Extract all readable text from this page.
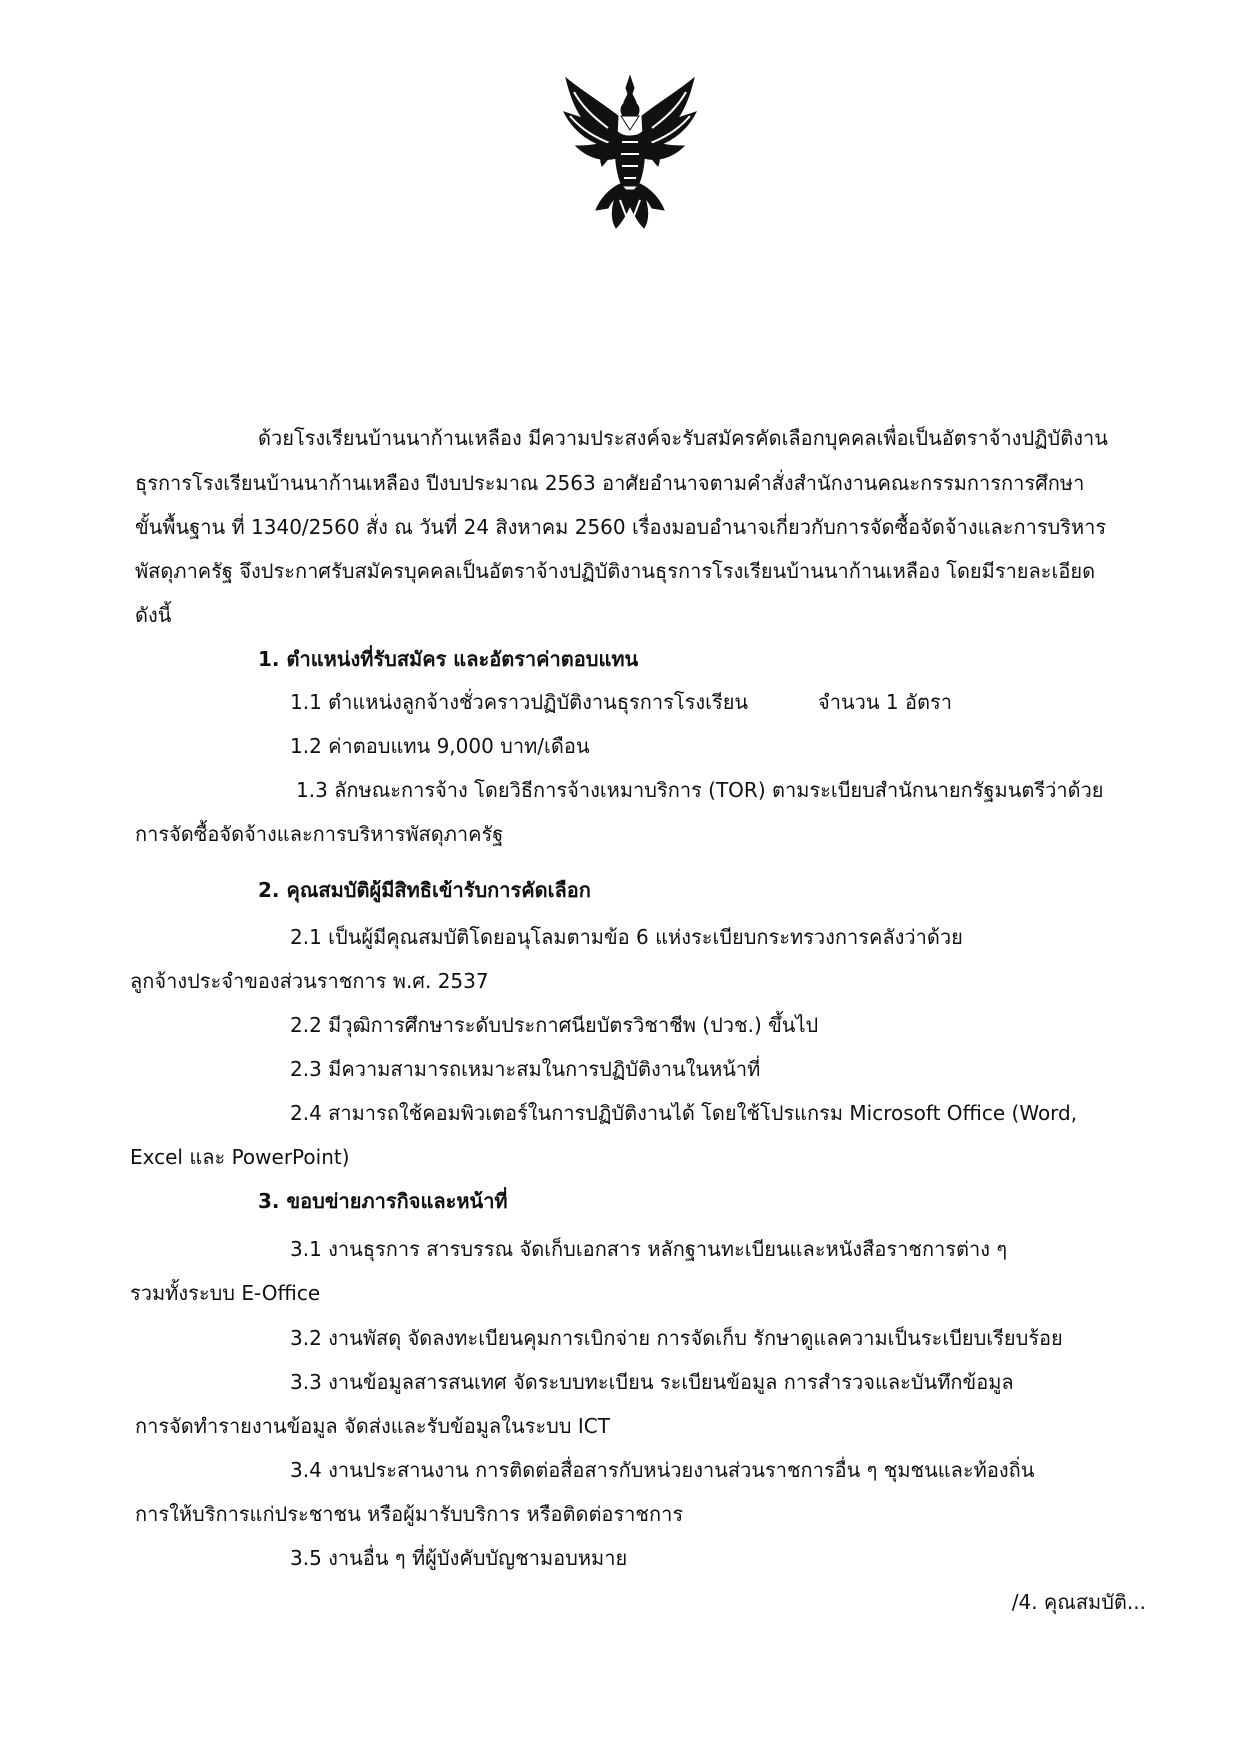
ด้วยโรงเรียนบ้านนาก้านเหลือง มีความประสงค์จะรับสมัครคัดเลือกบุคคลเพื่อเป็นอัตราจ้างปฏิบัติงาน
ธุรการโรงเรียนบ้านนาก้านเหลือง ปีงบประมาณ 2563 อาศัยอำนาจตามคำสั่งสำนักงานคณะกรรมการการศึกษา
ขั้นพื้นฐาน ที่ 1340/2560 สั่ง ณ วันที่ 24 สิงหาคม 2560 เรื่องมอบอำนาจเกี่ยวกับการจัดซื้อจัดจ้างและการบริหาร
พัสดุภาครัฐ จึงประกาศรับสมัครบุคคลเป็นอัตราจ้างปฏิบัติงานธุรการโรงเรียนบ้านนาก้านเหลือง โดยมีรายละเอียด
ดังนี้
1. ตำแหน่งที่รับสมัคร และอัตราค่าตอบแทน
1.1 ตำแหน่งลูกจ้างชั่วคราวปฏิบัติงานธุรการโรงเรียน	จำนวน 1 อัตรา
1.2 ค่าตอบแทน 9,000 บาท/เดือน
1.3 ลักษณะการจ้าง โดยวิธีการจ้างเหมาบริการ (TOR) ตามระเบียบสำนักนายกรัฐมนตรีว่าด้วย
การจัดซื้อจัดจ้างและการบริหารพัสดุภาครัฐ
2. คุณสมบัติผู้มีสิทธิเข้ารับการคัดเลือก
2.1 เป็นผู้มีคุณสมบัติโดยอนุโลมตามข้อ 6 แห่งระเบียบกระทรวงการคลังว่าด้วย
ลูกจ้างประจำของส่วนราชการ พ.ศ. 2537
2.2 มีวุฒิการศึกษาระดับประกาศนียบัตรวิชาชีพ (ปวช.) ขึ้นไป
2.3 มีความสามารถเหมาะสมในการปฏิบัติงานในหน้าที่
2.4 สามารถใช้คอมพิวเตอร์ในการปฏิบัติงานได้ โดยใช้โปรแกรม Microsoft Office (Word,
Excel และ PowerPoint)
3. ขอบข่ายภารกิจและหน้าที่
3.1 งานธุรการ สารบรรณ จัดเก็บเอกสาร หลักฐานทะเบียนและหนังสือราชการต่าง ๆ
รวมทั้งระบบ E-Office
3.2 งานพัสดุ จัดลงทะเบียนคุมการเบิกจ่าย การจัดเก็บ รักษาดูแลความเป็นระเบียบเรียบร้อย
3.3 งานข้อมูลสารสนเทศ จัดระบบทะเบียน ระเบียนข้อมูล การสำรวจและบันทึกข้อมูล
การจัดทำรายงานข้อมูล จัดส่งและรับข้อมูลในระบบ ICT
3.4 งานประสานงาน การติดต่อสื่อสารกับหน่วยงานส่วนราชการอื่น ๆ ชุมชนและท้องถิ่น
การให้บริการแก่ประชาชน หรือผู้มารับบริการ หรือติดต่อราชการ
3.5 งานอื่น ๆ ที่ผู้บังคับบัญชามอบหมาย
/4. คุณสมบัติ...
